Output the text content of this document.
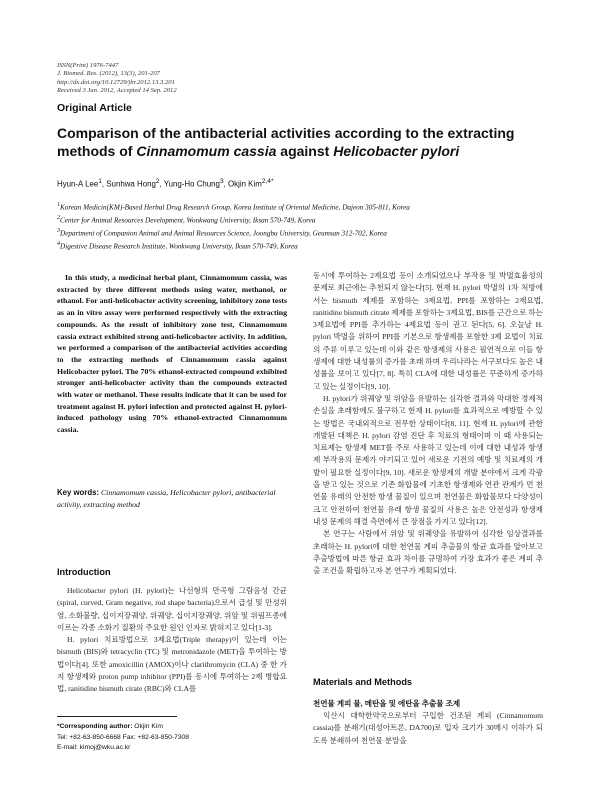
ISSN(Print) 1976-7447
J. Biomed. Res. (2012), 13(3), 201-207
http://dx.doi.org/10.12729/jbr.2012.13.3.201
Received 3 Jun. 2012, Accepted 14 Sep. 2012
Original Article
Comparison of the antibacterial activities according to the extracting methods of Cinnamomum cassia against Helicobacter pylori
Hyun-A Lee$^1$, Sunhwa Hong$^2$, Yung-Ho Chung$^3$, Okjin Kim$^{2,4*}$
$^1$Korean Medicin(KM)-Based Herbal Drug Research Group, Korea Institute of Oriental Medicine, Dajeon 305-811, Korea
$^2$Center for Animal Resources Development, Wonkwang University, Iksan 570-749, Korea
$^3$Department of Companion Animal and Animal Resources Science, Joongbu University, Geumsan 312-702, Korea
$^4$Digestive Disease Research Institute, Wonkwang University, Iksan 570-749, Korea

In this study, a medicinal herbal plant, Cinnamomum cassia, was extracted by three different methods using water, methanol, or ethanol. For anti-helicobacter activity screening, inhibitory zone tests as an in vitro assay were performed respectively with the extracting compounds. As the result of inhibitory zone test, Cinnamomum cassia extract exhibited strong anti-helicobacter activity. In addition, we performed a comparison of the antibacterial activities according to the extracting methods of Cinnamomum cassia against Helicobacter pylori. The 70% ethanol-extracted compound exhibited stronger anti-helicobacter activity than the compounds extracted with water or methanol. These results indicate that it can be used for treatment against H. pylori infection and protected against H. pylori-induced pathology using 70% ethanol-extracted Cinnamomum cassia.

Key words: Cinnamomum cassia, Helicobacter pylori, antibacterial activity, extracting method
Introduction

Helicobacter pylori (H. pylori)는 나선형의 만곡형 그람음성 간균(spiral, curved, Gram negative, rod shape bacteria)으로서 급성 및 만성위염, 소화불량, 십이지장궤양, 위궤양, 십이지장궤양, 위암 및 위림프종에 이르는 각종 소화기 질환의 주요한 원인 인자로 밝혀지고 있다[1-3].

H. pylori 치료방법으로 3제요법(Triple therapy)이 있는데 이는 bismuth (BIS)와 tetracyclin (TC) 및 metronidazole (MET)을 투여하는 방법이다[4]. 또한 amoxicillin (AMOX)이나 clarithromycin (CLA) 중 한 가지 항생제와 proton pump inhibitor (PPI)를 동시에 투여하는 2제 병합요법, ranitidine bismuth cirate (RBC)와 CLA를

동시에 투여하는 2제요법 등이 소개되었으나 부작용 및 박멸효율성의 문제로 최근에는 추천되지 않는다[5]. 현재 H. pylori 박멸의 1차 처방에서는 bismuth 제제를 포함하는 3제요법, PPI를 포함하는 2제요법, ranitidine bismuth citrate 제제를 포함하는 3제요법, BIS를 근간으로 하는 3제요법에 PPI를 추가하는 4제요법 등이 권고 된다[5, 6]. 오늘날 H. pylori 박멸을 위하여 PPI를 기본으로 항생제를 포함한 3제 요법이 치료의 주류 이루고 있는데 이와 같은 항생제의 사용은 필연적으로 이들 항생제에 대한 내성률의 증가를 초래 하며 우리나라는 서구보다도 높은 내성률을 보이고 있다[7, 8]. 특히 CLA에 대한 내성률은 꾸준하게 증가하고 있는 실정이다[9, 10].

H. pylori가 위궤양 및 위암을 유발하는 심각한 결과와 막대한 경제적 손실을 초래함에도 불구하고 현재 H. pylori를 효과적으로 예방할 수 있는 방법은 국내외적으로 전무한 상태이다[8, 11]. 현재 H. pylori에 관한 개발된 대책은 H. pylori 감염 진단 후 치료의 형태이며 이 때 사용되는 치료제는 항생제 MET를 주로 사용하고 있는데 이에 대한 내성과 항생제 부작용의 문제가 야기되고 있어 새로운 기전의 예방 및 치료제의 개발이 필요한 실정이다[9, 10]. 새로운 항생제의 개발 분야에서 크게 각광을 받고 있는 것으로 기존 화합물에 기초한 항생제와 연관 관계가 먼 천연물 유래의 안전한 항생 물질이 있으며 천연물은 화합물보다 다양성이 크고 안전하여 천연물 유래 항생 물질의 사용은 높은 안전성과 항생제 내성 문제의 해결 측면에서 큰 장점을 가지고 있다[12].

본 연구는 사람에서 위암 및 위궤양을 유발하여 심각한 임상결과를 초래하는 H. pylori에 대한 천연물 계피 추출물의 항균 효과를 알아보고 추출방법에 따른 항균 효과 차이를 규명하여 가장 효과가 좋은 계피 추출 조건을 확립하고자 본 연구가 계획되었다.

Materials and Methods
천연물 계피 물, 메탄올 및 에탄올 추출물 조제

익산시 대학한약국으로부터 구입한 건조된 계피 (Cinnamomum cassia)를 분쇄기(대성아트론, DA700)로 입자 크기가 30메시 이하가 되도록 분쇄하여 천연물 분말을

*Corresponding author: Okjin Kim
Tel: +82-63-850-6668 Fax: +82-63-850-7308
E-mail: kimoj@wku.ac.kr
